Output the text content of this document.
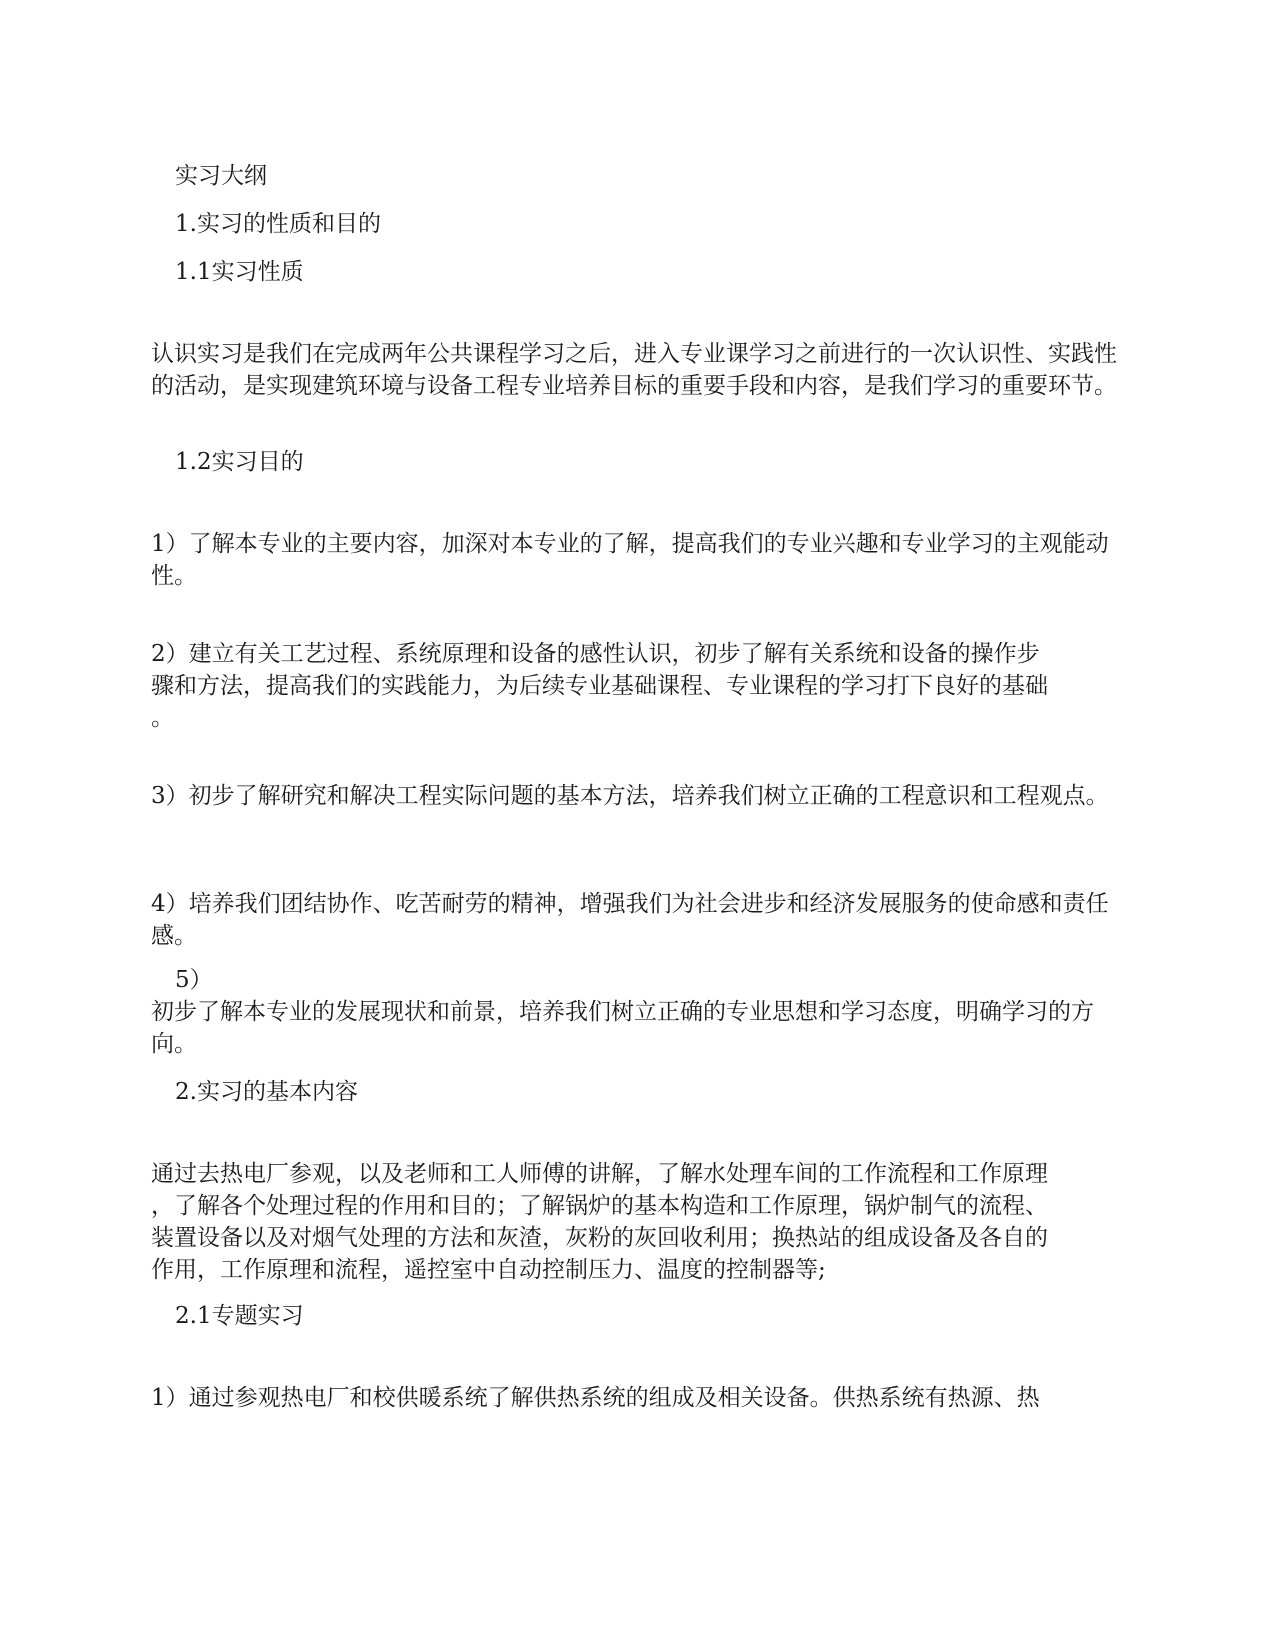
实习大纲

1.实习的性质和目的

1.1实习性质

认识实习是我们在完成两年公共课程学习之后，进入专业课学习之前进行的一次认识性、实践性的活动，是实现建筑环境与设备工程专业培养目标的重要手段和内容，是我们学习的重要环节。

1.2实习目的

1）了解本专业的主要内容，加深对本专业的了解，提高我们的专业兴趣和专业学习的主观能动性。

2）建立有关工艺过程、系统原理和设备的感性认识，初步了解有关系统和设备的操作步

骤和方法，提高我们的实践能力，为后续专业基础课程、专业课程的学习打下良好的基础

。

3）初步了解研究和解决工程实际问题的基本方法，培养我们树立正确的工程意识和工程观点。

4）培养我们团结协作、吃苦耐劳的精神，增强我们为社会进步和经济发展服务的使命感和责任感。

5）

初步了解本专业的发展现状和前景，培养我们树立正确的专业思想和学习态度，明确学习的方向。

2.实习的基本内容

通过去热电厂参观，以及老师和工人师傅的讲解，了解水处理车间的工作流程和工作原理

，了解各个处理过程的作用和目的；了解锅炉的基本构造和工作原理，锅炉制气的流程、

装置设备以及对烟气处理的方法和灰渣，灰粉的灰回收利用；换热站的组成设备及各自的

作用，工作原理和流程，遥控室中自动控制压力、温度的控制器等;

2.1专题实习

1）通过参观热电厂和校供暖系统了解供热系统的组成及相关设备。供热系统有热源、热
